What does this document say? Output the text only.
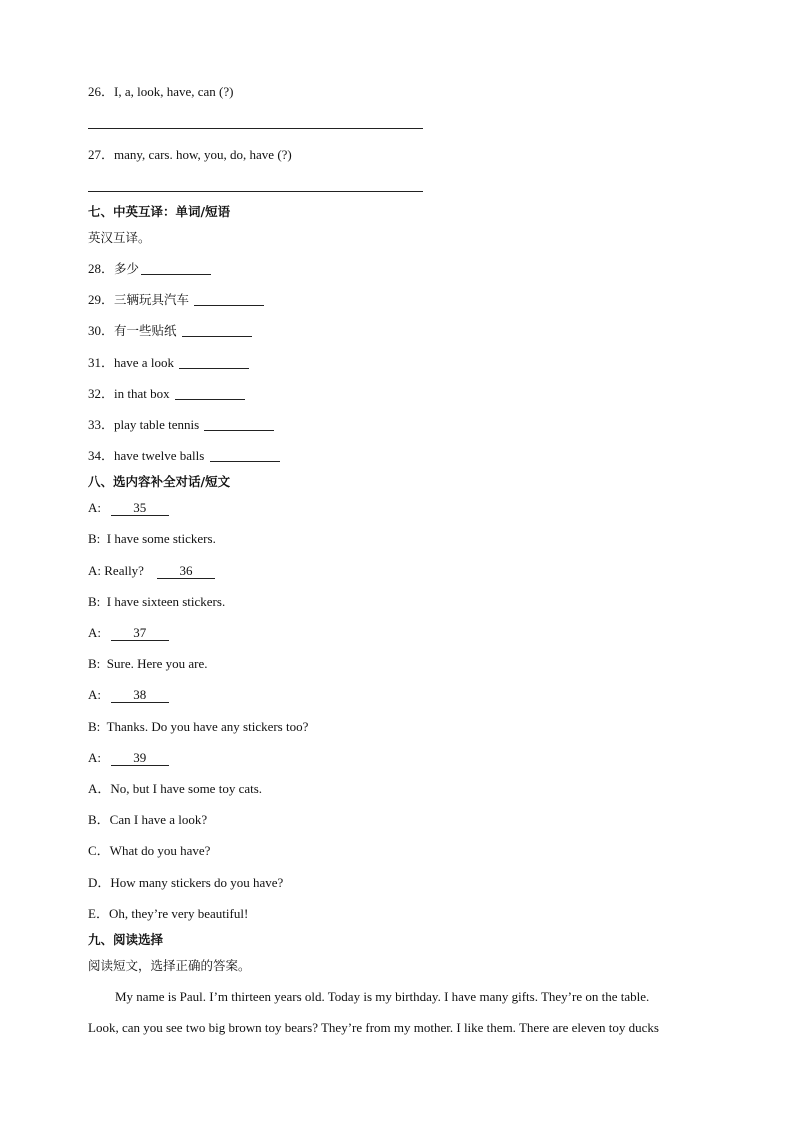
26．I, a, look, have, can (?)
27．many, cars. how, you, do, have (?)
七、中英互译：单词/短语
英汉互译。
28．多少
29．三辆玩具汽车
30．有一些贴纸
31．have a look
32．in that box
33．play table tennis
34．have twelve balls
八、选内容补全对话/短文
A: 35
B: I have some stickers.
A: Really?	36
B: I have sixteen stickers.
A: 37
B: Sure. Here you are.
A: 38
B: Thanks. Do you have any stickers too?
A: 39
A．No, but I have some toy cats.
B．Can I have a look?
C．What do you have?
D．How many stickers do you have?
E．Oh, they’re very beautiful!
九、阅读选择
阅读短文，选择正确的答案。
My name is Paul. I’m thirteen years old. Today is my birthday. I have many gifts. They’re on the table.
Look, can you see two big brown toy bears? They’re from my mother. I like them. There are eleven toy ducks
